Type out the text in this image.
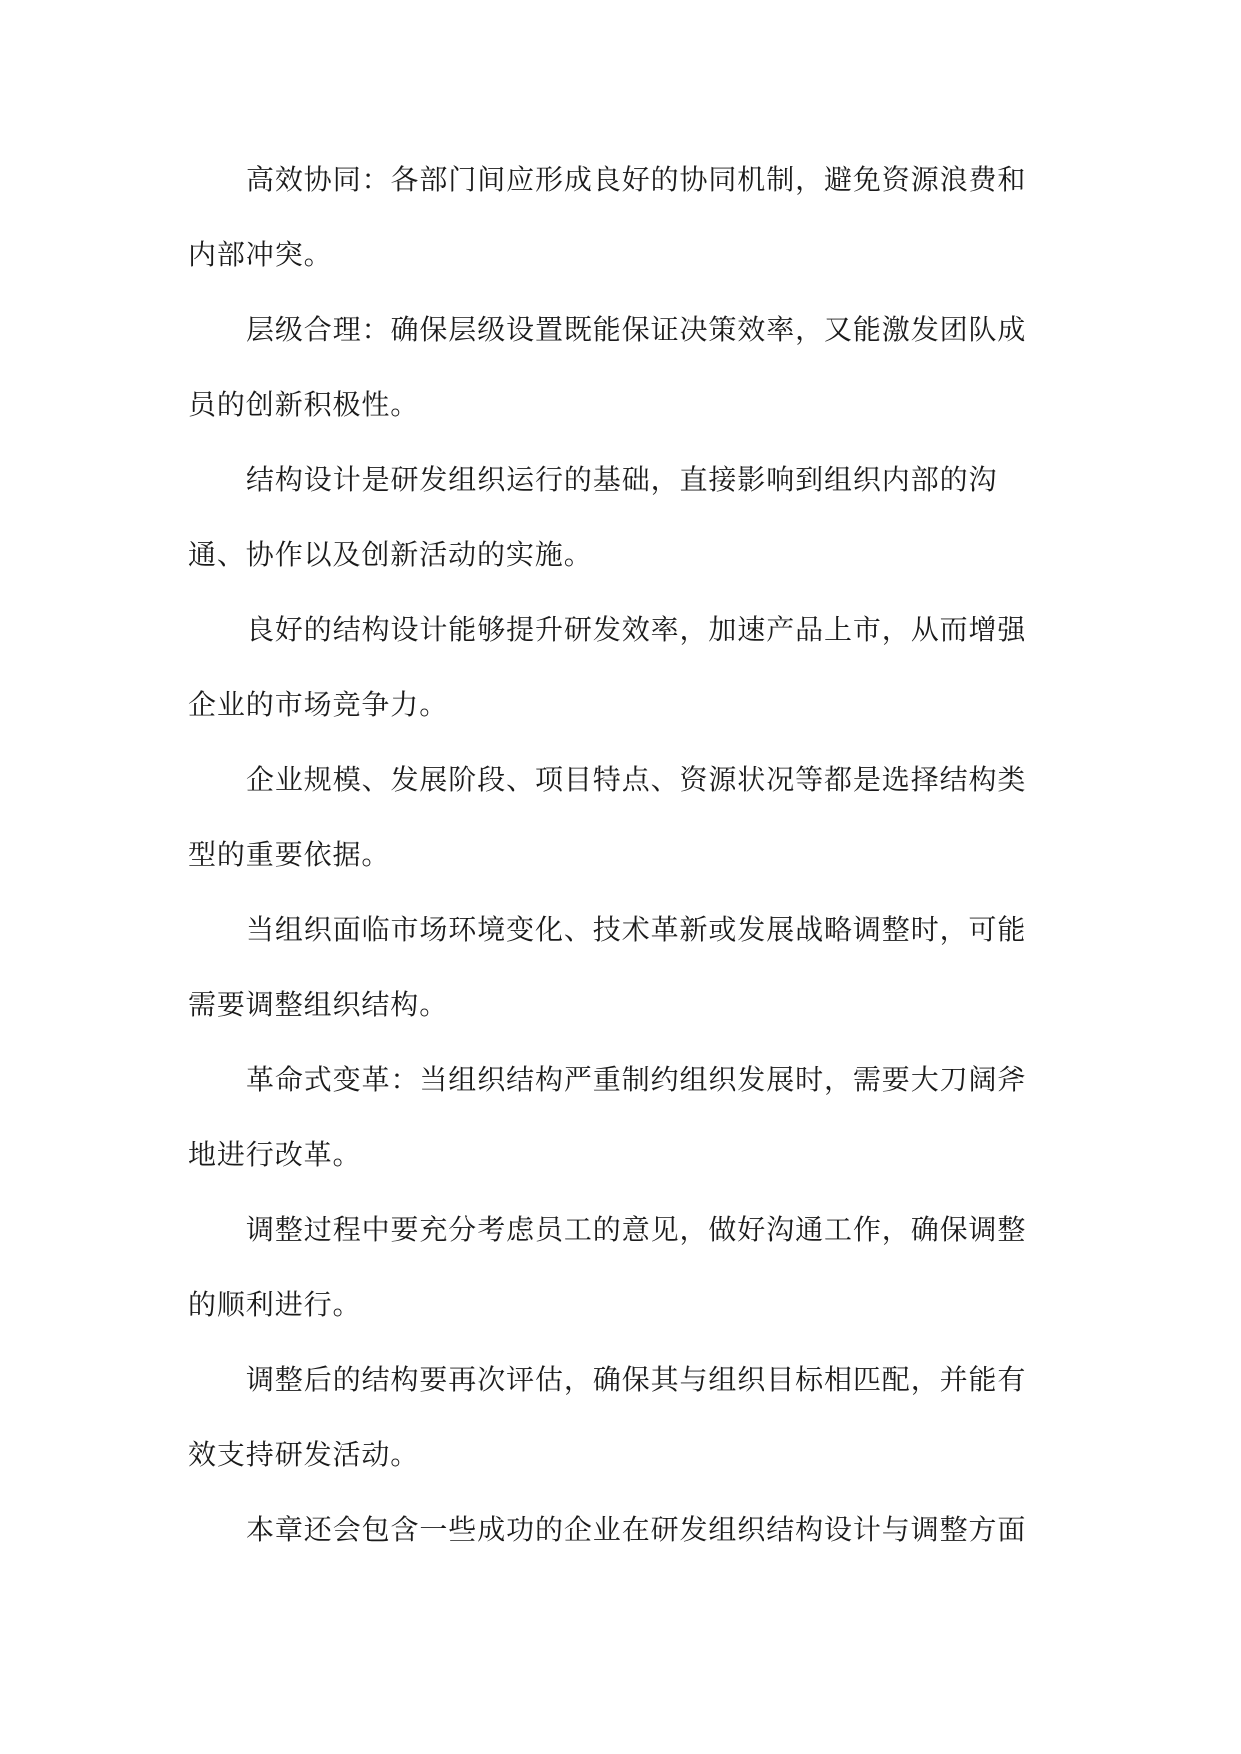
高效协同：各部门间应形成良好的协同机制，避免资源浪费和内部冲突。

层级合理：确保层级设置既能保证决策效率，又能激发团队成员的创新积极性。

结构设计是研发组织运行的基础，直接影响到组织内部的沟通、协作以及创新活动的实施。

良好的结构设计能够提升研发效率，加速产品上市，从而增强企业的市场竞争力。

企业规模、发展阶段、项目特点、资源状况等都是选择结构类型的重要依据。

当组织面临市场环境变化、技术革新或发展战略调整时，可能需要调整组织结构。

革命式变革：当组织结构严重制约组织发展时，需要大刀阔斧地进行改革。

调整过程中要充分考虑员工的意见，做好沟通工作，确保调整的顺利进行。

调整后的结构要再次评估，确保其与组织目标相匹配，并能有效支持研发活动。

本章还会包含一些成功的企业在研发组织结构设计与调整方面
